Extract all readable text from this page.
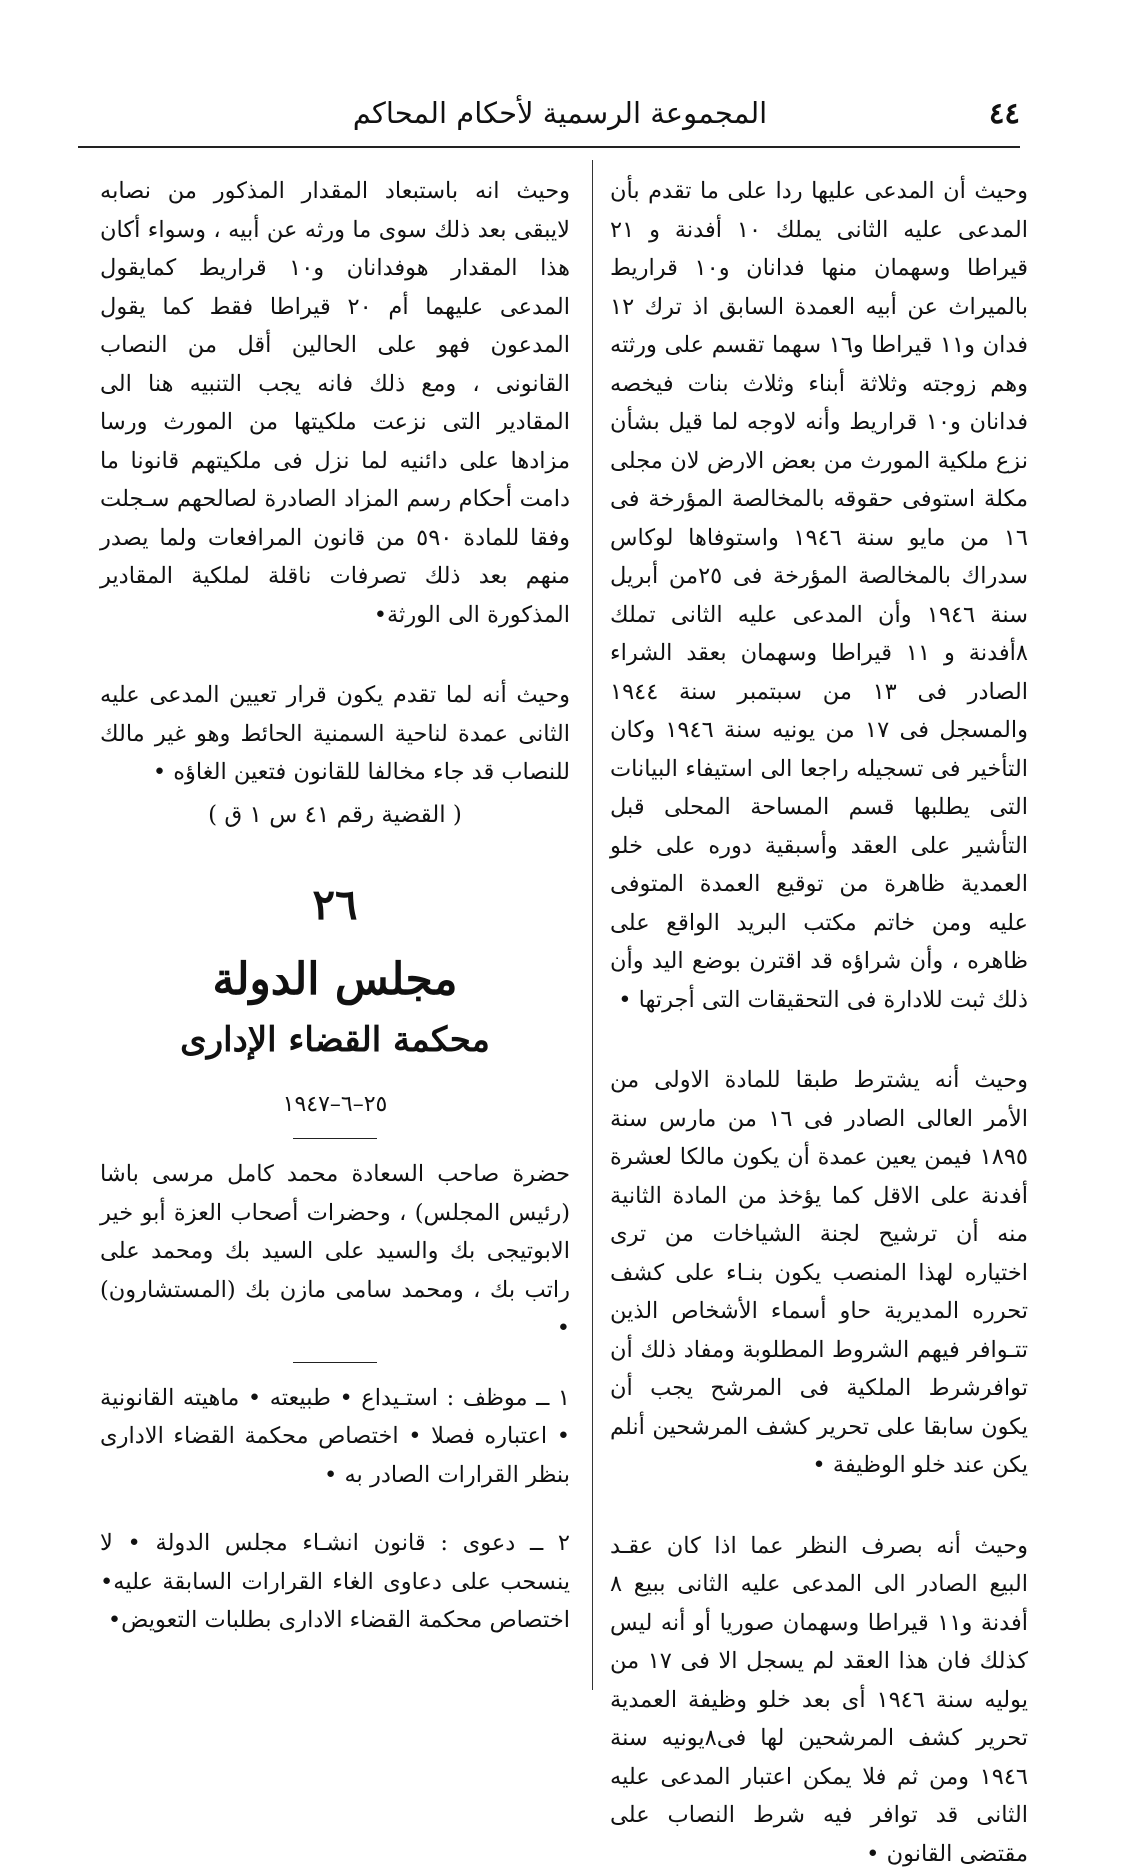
٤٤
المجموعة الرسمية لأحكام المحاكم

وحيث أن المدعى عليها ردا على ما تقدم بأن المدعى عليه الثانى يملك ١٠ أفدنة و ٢١ قيراطا وسهمان منها فدانان و١٠ قراريط بالميراث عن أبيه العمدة السابق اذ ترك ١٢ فدان و١١ قيراطا و١٦ سهما تقسم على ورثته وهم زوجته وثلاثة أبناء وثلاث بنات فيخصه فدانان و١٠ قراريط وأنه لاوجه لما قيل بشأن نزع ملكية المورث من بعض الارض لان مجلى مكلة استوفى حقوقه بالمخالصة المؤرخة فى ١٦ من مايو سنة ١٩٤٦ واستوفاها لوكاس سدراك بالمخالصة المؤرخة فى ٢٥من أبريل سنة ١٩٤٦ وأن المدعى عليه الثانى تملك ٨أفدنة و ١١ قيراطا وسهمان بعقد الشراء الصادر فى ١٣ من سبتمبر سنة ١٩٤٤ والمسجل فى ١٧ من يونيه سنة ١٩٤٦ وكان التأخير فى تسجيله راجعا الى استيفاء البيانات التى يطلبها قسم المساحة المحلى قبل التأشير على العقد وأسبقية دوره على خلو العمدية ظاهرة من توقيع العمدة المتوفى عليه ومن خاتم مكتب البريد الواقع على ظاهره ، وأن شراؤه قد اقترن بوضع اليد وأن ذلك ثبت للادارة فى التحقيقات التى أجرتها •

وحيث أنه يشترط طبقا للمادة الاولى من الأمر العالى الصادر فى ١٦ من مارس سنة ١٨٩٥ فيمن يعين عمدة أن يكون مالكا لعشرة أفدنة على الاقل كما يؤخذ من المادة الثانية منه أن ترشيح لجنة الشياخات من ترى اختياره لهذا المنصب يكون بنـاء على كشف تحرره المديرية حاو أسماء الأشخاص الذين تتـوافر فيهم الشروط المطلوبة ومفاد ذلك أن توافرشرط الملكية فى المرشح يجب أن يكون سابقا على تحرير كشف المرشحين أنلم يكن عند خلو الوظيفة •

وحيث أنه بصرف النظر عما اذا كان عقـد البيع الصادر الى المدعى عليه الثانى ببيع ٨ أفدنة و١١ قيراطا وسهمان صوريا أو أنه ليس كذلك فان هذا العقد لم يسجل الا فى ١٧ من يوليه سنة ١٩٤٦ أى بعد خلو وظيفة العمدية تحرير كشف المرشحين لها فى٨يونيه سنة ١٩٤٦ ومن ثم فلا يمكن اعتبار المدعى عليه الثانى قد توافر فيه شرط النصاب على مقتضى القانون •

وحيث انه باستبعاد المقدار المذكور من نصابه لايبقى بعد ذلك سوى ما ورثه عن أبيه ، وسواء أكان هذا المقدار هوفدانان و١٠ قراريط كمايقول المدعى عليهما أم ٢٠ قيراطا فقط كما يقول المدعون فهو على الحالين أقل من النصاب القانونى ، ومع ذلك فانه يجب التنبيه هنا الى المقادير التى نزعت ملكيتها من المورث ورسا مزادها على دائنيه لما نزل فى ملكيتهم قانونا ما دامت أحكام رسم المزاد الصادرة لصالحهم سـجلت وفقا للمادة ٥٩٠ من قانون المرافعات ولما يصدر منهم بعد ذلك تصرفات ناقلة لملكية المقادير المذكورة الى الورثة•

وحيث أنه لما تقدم يكون قرار تعيين المدعى عليه الثانى عمدة لناحية السمنية الحائط وهو غير مالك للنصاب قد جاء مخالفا للقانون فتعين الغاؤه •

( القضية رقم ٤١ س ١ ق )

٢٦
مجلس الدولة
محكمة القضاء الإدارى
٢٥–٦–١٩٤٧

حضرة صاحب السعادة محمد كامل مرسى باشا (رئيس المجلس) ، وحضرات أصحاب العزة أبو خير الابوتيجى بك والسيد على السيد بك ومحمد على راتب بك ، ومحمد سامى مازن بك (المستشارون) •

١ ــ موظف : استـيداع • طبيعته • ماهيته القانونية • اعتباره فصلا • اختصاص محكمة القضاء الادارى بنظر القرارات الصادر به •

٢ ــ دعوى : قانون انشـاء مجلس الدولة • لا ينسحب على دعاوى الغاء القرارات السابقة عليه• اختصاص محكمة القضاء الادارى بطلبات التعويض•
